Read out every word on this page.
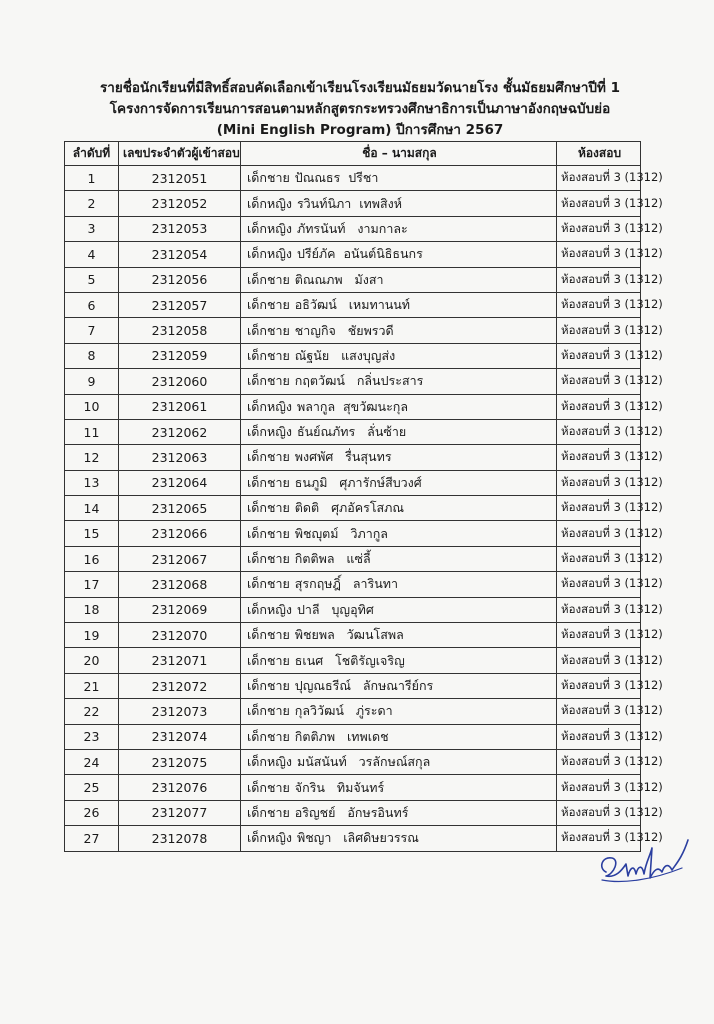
รายชื่อนักเรียนที่มีสิทธิ์สอบคัดเลือกเข้าเรียนโรงเรียนมัธยมวัดนายโรง ชั้นมัธยมศึกษาปีที่ 1
โครงการจัดการเรียนการสอนตามหลักสูตรกระทรวงศึกษาธิการเป็นภาษาอังกฤษฉบับย่อ
(Mini English Program) ปีการศึกษา 2567
ลำดับที่	เลขประจำตัวผู้เข้าสอบ	ชื่อ – นามสกุล	ห้องสอบ
1	2312051	เด็กชาย ปัณณธร  ปรีชา	ห้องสอบที่ 3 (1312)
2	2312052	เด็กหญิง รวินท์นิภา  เทพสิงห์	ห้องสอบที่ 3 (1312)
3	2312053	เด็กหญิง ภัทรนันท์   งามกาละ	ห้องสอบที่ 3 (1312)
4	2312054	เด็กหญิง ปรีย์ภัค  อนันต์นิธิธนกร	ห้องสอบที่ 3 (1312)
5	2312056	เด็กชาย ติณณภพ   มังสา	ห้องสอบที่ 3 (1312)
6	2312057	เด็กชาย อธิวัฒน์   เหมทานนท์	ห้องสอบที่ 3 (1312)
7	2312058	เด็กชาย ชาญกิจ   ชัยพรวดี	ห้องสอบที่ 3 (1312)
8	2312059	เด็กชาย ณัฐนัย   แสงบุญส่ง	ห้องสอบที่ 3 (1312)
9	2312060	เด็กชาย กฤตวัฒน์   กลิ่นประสาร	ห้องสอบที่ 3 (1312)
10	2312061	เด็กหญิง พลากูล  สุขวัฒนะกุล	ห้องสอบที่ 3 (1312)
11	2312062	เด็กหญิง ธันย์ณภัทร   ลั่นซ้าย	ห้องสอบที่ 3 (1312)
12	2312063	เด็กชาย พงศพัศ   รื่นสุนทร	ห้องสอบที่ 3 (1312)
13	2312064	เด็กชาย ธนภูมิ   ศุภารักษ์สีบวงศ์	ห้องสอบที่ 3 (1312)
14	2312065	เด็กชาย ติดติ   ศุภอัครโสภณ	ห้องสอบที่ 3 (1312)
15	2312066	เด็กชาย พิชญุตม์   วิภากูล	ห้องสอบที่ 3 (1312)
16	2312067	เด็กชาย กิตติพล   แซ่ลี้	ห้องสอบที่ 3 (1312)
17	2312068	เด็กชาย สุรกฤษฎิ์   ลารินทา	ห้องสอบที่ 3 (1312)
18	2312069	เด็กหญิง ปาลี   บุญอุทิศ	ห้องสอบที่ 3 (1312)
19	2312070	เด็กชาย พิชยพล   วัฒนโสพล	ห้องสอบที่ 3 (1312)
20	2312071	เด็กชาย ธเนศ   โชติรัญเจริญ	ห้องสอบที่ 3 (1312)
21	2312072	เด็กชาย ปุญณธรีณ์   ลักษณารีย์กร	ห้องสอบที่ 3 (1312)
22	2312073	เด็กชาย กุลวิวัฒน์   ภู่ระดา	ห้องสอบที่ 3 (1312)
23	2312074	เด็กชาย กิตติภพ   เทพเดช	ห้องสอบที่ 3 (1312)
24	2312075	เด็กหญิง มนัสนันท์   วรลักษณ์สกุล	ห้องสอบที่ 3 (1312)
25	2312076	เด็กชาย จักริน   ทิมจันทร์	ห้องสอบที่ 3 (1312)
26	2312077	เด็กชาย อริญชย์   อักษรอินทร์	ห้องสอบที่ 3 (1312)
27	2312078	เด็กหญิง พิชญา   เลิศดิษยวรรณ	ห้องสอบที่ 3 (1312)
